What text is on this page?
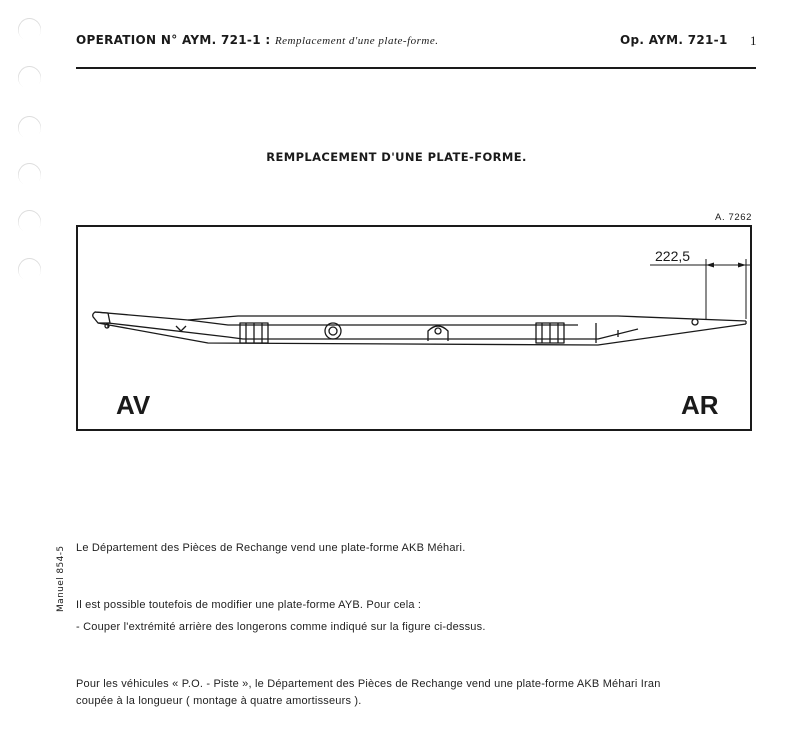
OPERATION N° AYM. 721-1 : Remplacement d'une plate-forme.	Op. AYM. 721-1 1
REMPLACEMENT D'UNE PLATE-FORME.
A. 7262
222,5
AV	AR
Manuel 854-5 Le Département des Pièces de Rechange vend une plate-forme AKB Méhari.
Il est possible toutefois de modifier une plate-forme AYB. Pour cela :
- Couper l'extrémité arrière des longerons comme indiqué sur la figure ci-dessus.
Pour les véhicules « P.O. - Piste », le Département des Pièces de Rechange vend une plate-forme AKB Méhari Iran
coupée à la longueur ( montage à quatre amortisseurs ).
